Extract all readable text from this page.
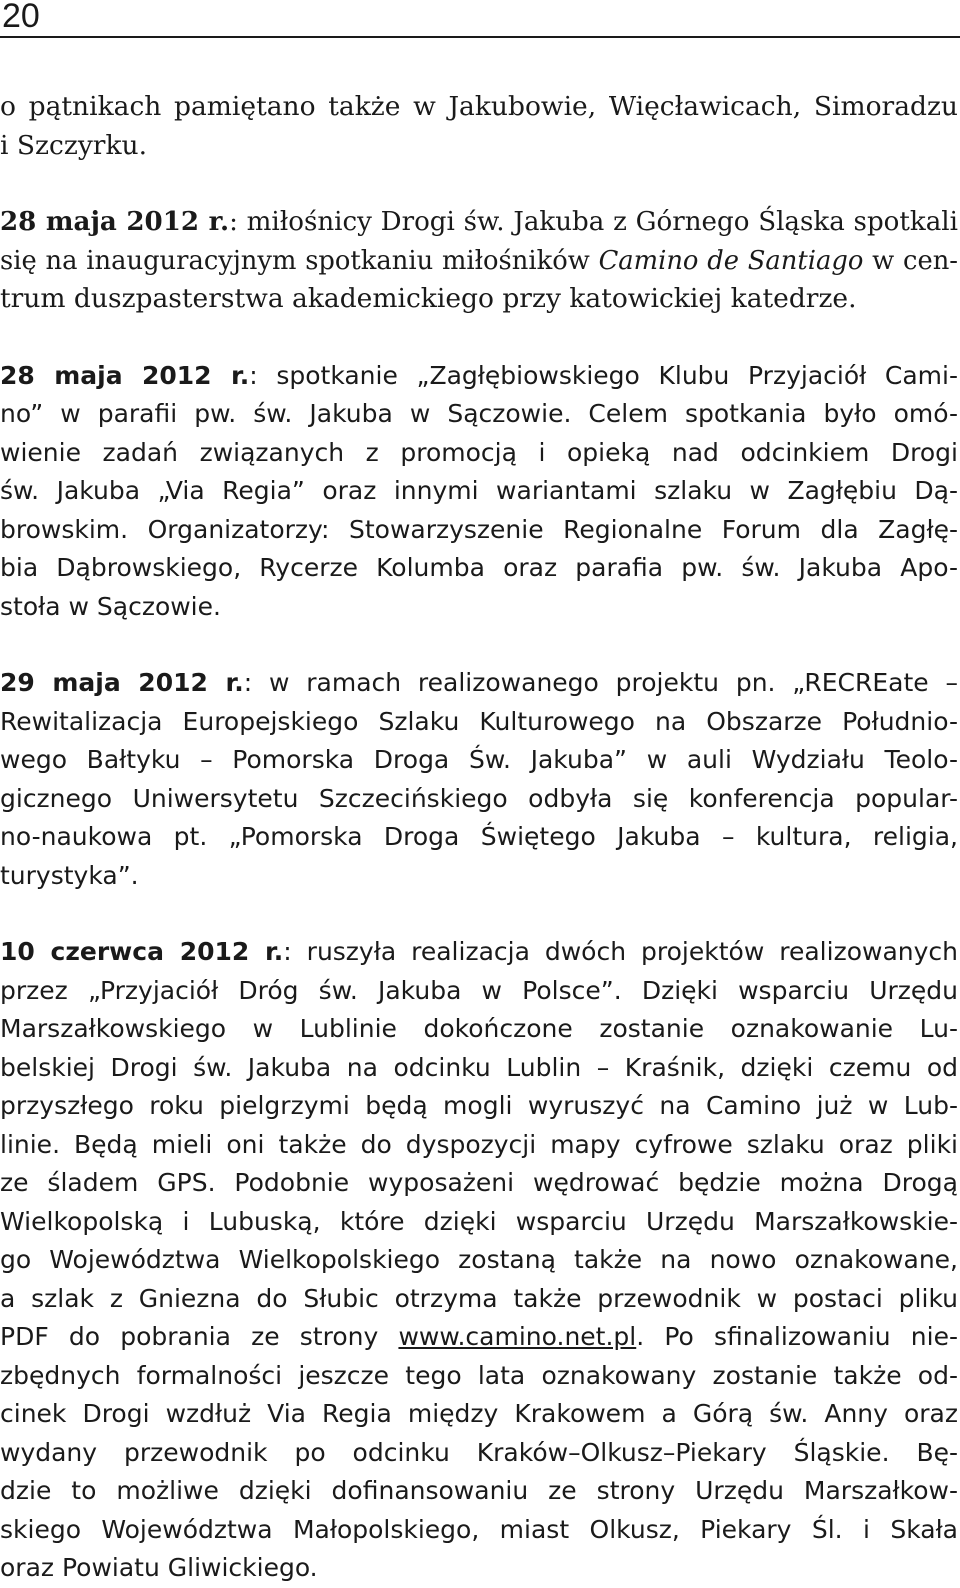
20
o pątnikach pamiętano także w Jakubowie, Więcławicach, Simoradzu
i Szczyrku.
28 maja 2012 r.: miłośnicy Drogi św. Jakuba z Górnego Śląska spotkali
się na inauguracyjnym spotkaniu miłośników Camino de Santiago w cen-
trum duszpasterstwa akademickiego przy katowickiej katedrze.
28 maja 2012 r.: spotkanie „Zagłębiowskiego Klubu Przyjaciół Cami-
no” w parafii pw. św. Jakuba w Sączowie. Celem spotkania było omó-
wienie zadań związanych z promocją i opieką nad odcinkiem Drogi
św. Jakuba „Via Regia” oraz innymi wariantami szlaku w Zagłębiu Dą-
browskim. Organizatorzy: Stowarzyszenie Regionalne Forum dla Zagłę-
bia Dąbrowskiego, Rycerze Kolumba oraz parafia pw. św. Jakuba Apo-
stoła w Sączowie.
29 maja 2012 r.: w ramach realizowanego projektu pn. „RECREate –
Rewitalizacja Europejskiego Szlaku Kulturowego na Obszarze Południo-
wego Bałtyku – Pomorska Droga Św. Jakuba” w auli Wydziału Teolo-
gicznego Uniwersytetu Szczecińskiego odbyła się konferencja popular-
no-naukowa pt. „Pomorska Droga Świętego Jakuba – kultura, religia,
turystyka”.
10 czerwca 2012 r.: ruszyła realizacja dwóch projektów realizowanych
przez „Przyjaciół Dróg św. Jakuba w Polsce”. Dzięki wsparciu Urzędu
Marszałkowskiego w Lublinie dokończone zostanie oznakowanie Lu-
belskiej Drogi św. Jakuba na odcinku Lublin – Kraśnik, dzięki czemu od
przyszłego roku pielgrzymi będą mogli wyruszyć na Camino już w Lub-
linie. Będą mieli oni także do dyspozycji mapy cyfrowe szlaku oraz pliki
ze śladem GPS. Podobnie wyposażeni wędrować będzie można Drogą
Wielkopolską i Lubuską, które dzięki wsparciu Urzędu Marszałkowskie-
go Województwa Wielkopolskiego zostaną także na nowo oznakowane,
a szlak z Gniezna do Słubic otrzyma także przewodnik w postaci pliku
PDF do pobrania ze strony www.camino.net.pl. Po sfinalizowaniu nie-
zbędnych formalności jeszcze tego lata oznakowany zostanie także od-
cinek Drogi wzdłuż Via Regia między Krakowem a Górą św. Anny oraz
wydany przewodnik po odcinku Kraków–Olkusz–Piekary Śląskie. Bę-
dzie to możliwe dzięki dofinansowaniu ze strony Urzędu Marszałkow-
skiego Województwa Małopolskiego, miast Olkusz, Piekary Śl. i Skała
oraz Powiatu Gliwickiego.
